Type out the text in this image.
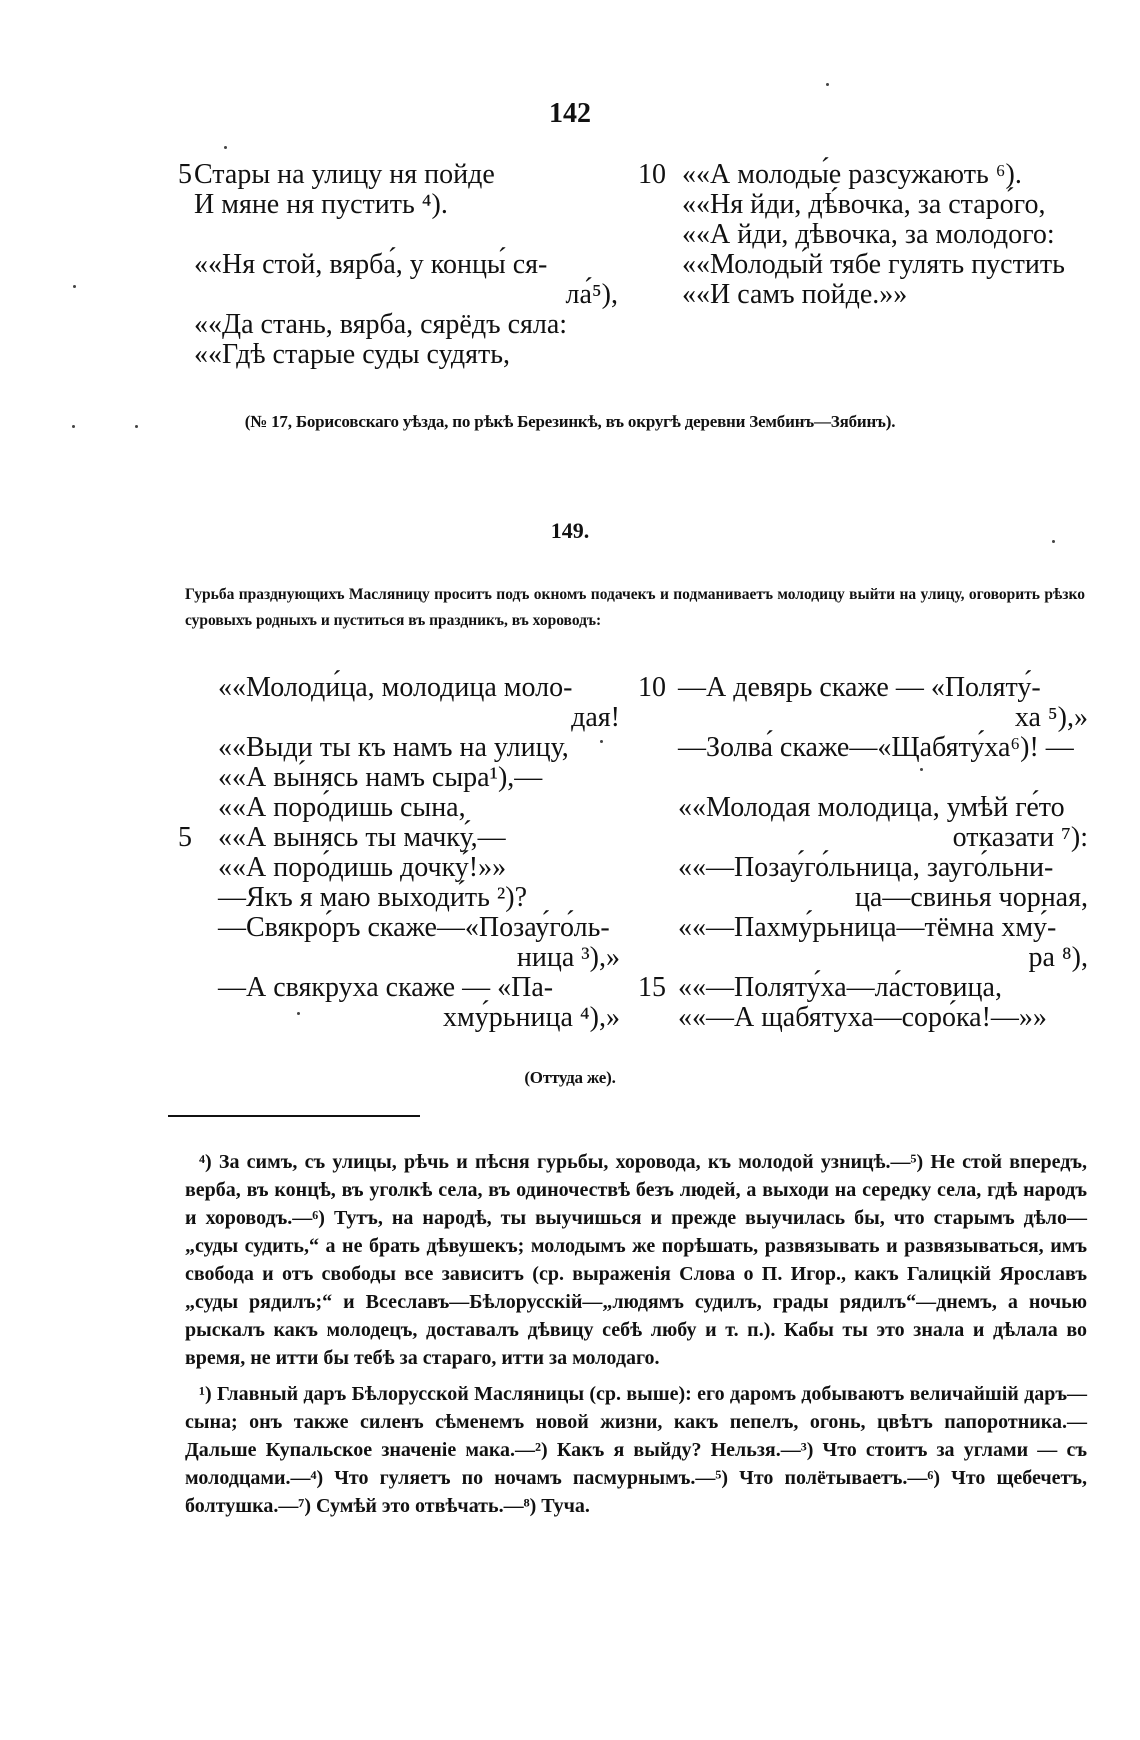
142
5 Стары на улицу ня пойде
И мяне ня пустить ⁴).
««Ня стой, вярба́, у концы́ ся-
ла́⁵),
««Да стань, вярба, сярёдъ сяла:
««Гдѣ старые суды судять,
10 ««А молоды́е разсужають ⁶).
««Ня йди, дѣ́вочка, за старо́го,
««А йди, дѣвочка, за молодого:
««Молоды́й тябе гулять пустить
««И самъ пойде.»»
(№ 17, Борисовскаго уѣзда, по рѣкѣ Березинкѣ, въ округѣ деревни Зембинъ—Зябинъ).
149.
Гурьба празднующихъ Масляницу проситъ подъ окномъ подачекъ и подманиваетъ молодицу выйти на улицу, оговорить рѣзко суровыхъ родныхъ и пуститься въ праздникъ, въ хороводъ:
««Молоди́ца, молодица моло-
дая!
««Выди ты къ намъ на улицу,
««А вы́нясь намъ сыра¹),—
««А поро́дишь сына,
5 ««А вынясь ты мачку́,—
««А поро́дишь дочку́!»»
—Якъ я маю выходи́ть ²)?
—Свякро́ръ скаже—«Позау́го́ль-
ница ³),»
—А свякруха скаже — «Па-
хму́рьница ⁴),»
10 —А девярь скаже — «Поляту́-
ха ⁵),»
—Золва́ скаже—«Щабяту́ха⁶)! —
««Молодая молодица, умѣй ге́то
отказати ⁷):
««—Позау́го́льница, зауго́льни-
ца—свинья чорная,
««—Пахму́рьница—тёмна хму́-
ра ⁸),
15 ««—Поляту́ха—ла́стовица,
««—А щабятуха—соро́ка!—»»
(Оттуда же).

⁴) За симъ, съ улицы, рѣчь и пѣсня гурьбы, хоровода, къ молодой узницѣ.—⁵) Не стой впередъ, верба, въ концѣ, въ уголкѣ села, въ одиночествѣ безъ людей, а выходи на середку села, гдѣ народъ и хороводъ.—⁶) Тутъ, на народѣ, ты выучишься и прежде выучилась бы, что старымъ дѣло—„суды судить,“ а не брать дѣвушекъ; молодымъ же порѣшать, развязывать и развязываться, имъ свобода и отъ свободы все зависитъ (ср. выраженія Слова о П. Игор., какъ Галицкій Ярославъ „суды рядилъ;“ и Всеславъ—Бѣлорусскій—„людямъ судилъ, грады рядилъ“—днемъ, а ночью рыскалъ какъ молодецъ, доставалъ дѣвицу себѣ любу и т. п.). Кабы ты это знала и дѣлала во время, не итти бы тебѣ за стараго, итти за молодаго.

¹) Главный даръ Бѣлорусской Масляницы (ср. выше): его даромъ добываютъ величайшій даръ—сына; онъ также силенъ сѣменемъ новой жизни, какъ пепелъ, огонь, цвѣтъ папоротника.—Дальше Купальское значеніе мака.—²) Какъ я выйду? Нельзя.—³) Что стоитъ за углами — съ молодцами.—⁴) Что гуляетъ по ночамъ пасмурнымъ.—⁵) Что полётываетъ.—⁶) Что щебечетъ, болтушка.—⁷) Сумѣй это отвѣчать.—⁸) Туча.
